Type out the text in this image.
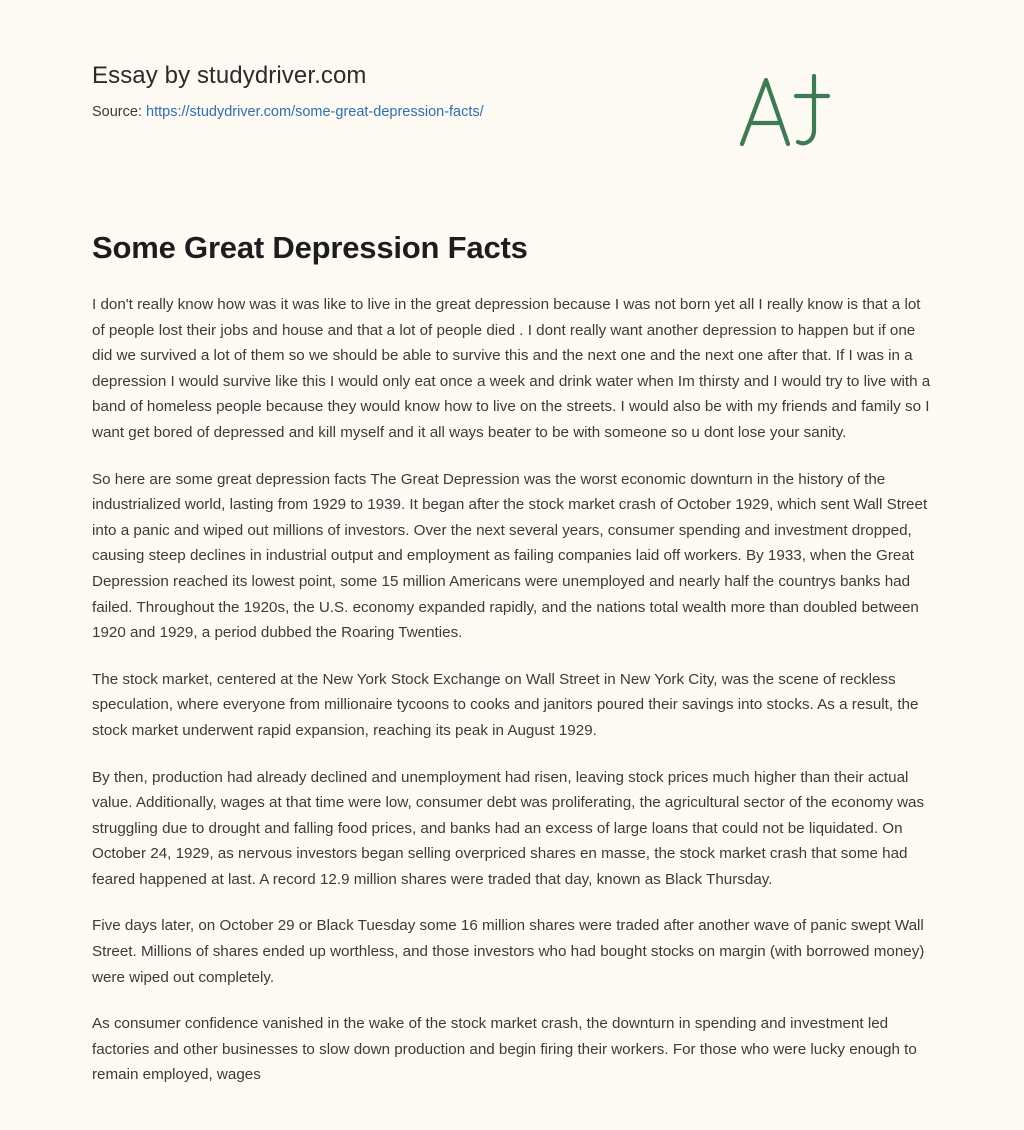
Essay by studydriver.com
Source: https://studydriver.com/some-great-depression-facts/
Some Great Depression Facts

I don't really know how was it was like to live in the great depression because I was not born yet all I really know is that a lot of people lost their jobs and house and that a lot of people died . I dont really want another depression to happen but if one did we survived a lot of them so we should be able to survive this and the next one and the next one after that. If I was in a depression I would survive like this I would only eat once a week and drink water when Im thirsty and I would try to live with a band of homeless people because they would know how to live on the streets. I would also be with my friends and family so I want get bored of depressed and kill myself and it all ways beater to be with someone so u dont lose your sanity.

So here are some great depression facts The Great Depression was the worst economic downturn in the history of the industrialized world, lasting from 1929 to 1939. It began after the stock market crash of October 1929, which sent Wall Street into a panic and wiped out millions of investors. Over the next several years, consumer spending and investment dropped, causing steep declines in industrial output and employment as failing companies laid off workers. By 1933, when the Great Depression reached its lowest point, some 15 million Americans were unemployed and nearly half the countrys banks had failed. Throughout the 1920s, the U.S. economy expanded rapidly, and the nations total wealth more than doubled between 1920 and 1929, a period dubbed the Roaring Twenties.

The stock market, centered at the New York Stock Exchange on Wall Street in New York City, was the scene of reckless speculation, where everyone from millionaire tycoons to cooks and janitors poured their savings into stocks. As a result, the stock market underwent rapid expansion, reaching its peak in August 1929.

By then, production had already declined and unemployment had risen, leaving stock prices much higher than their actual value. Additionally, wages at that time were low, consumer debt was proliferating, the agricultural sector of the economy was struggling due to drought and falling food prices, and banks had an excess of large loans that could not be liquidated. On October 24, 1929, as nervous investors began selling overpriced shares en masse, the stock market crash that some had feared happened at last. A record 12.9 million shares were traded that day, known as Black Thursday.

Five days later, on October 29 or Black Tuesday some 16 million shares were traded after another wave of panic swept Wall Street. Millions of shares ended up worthless, and those investors who had bought stocks on margin (with borrowed money) were wiped out completely.

As consumer confidence vanished in the wake of the stock market crash, the downturn in spending and investment led factories and other businesses to slow down production and begin firing their workers. For those who were lucky enough to remain employed, wages
